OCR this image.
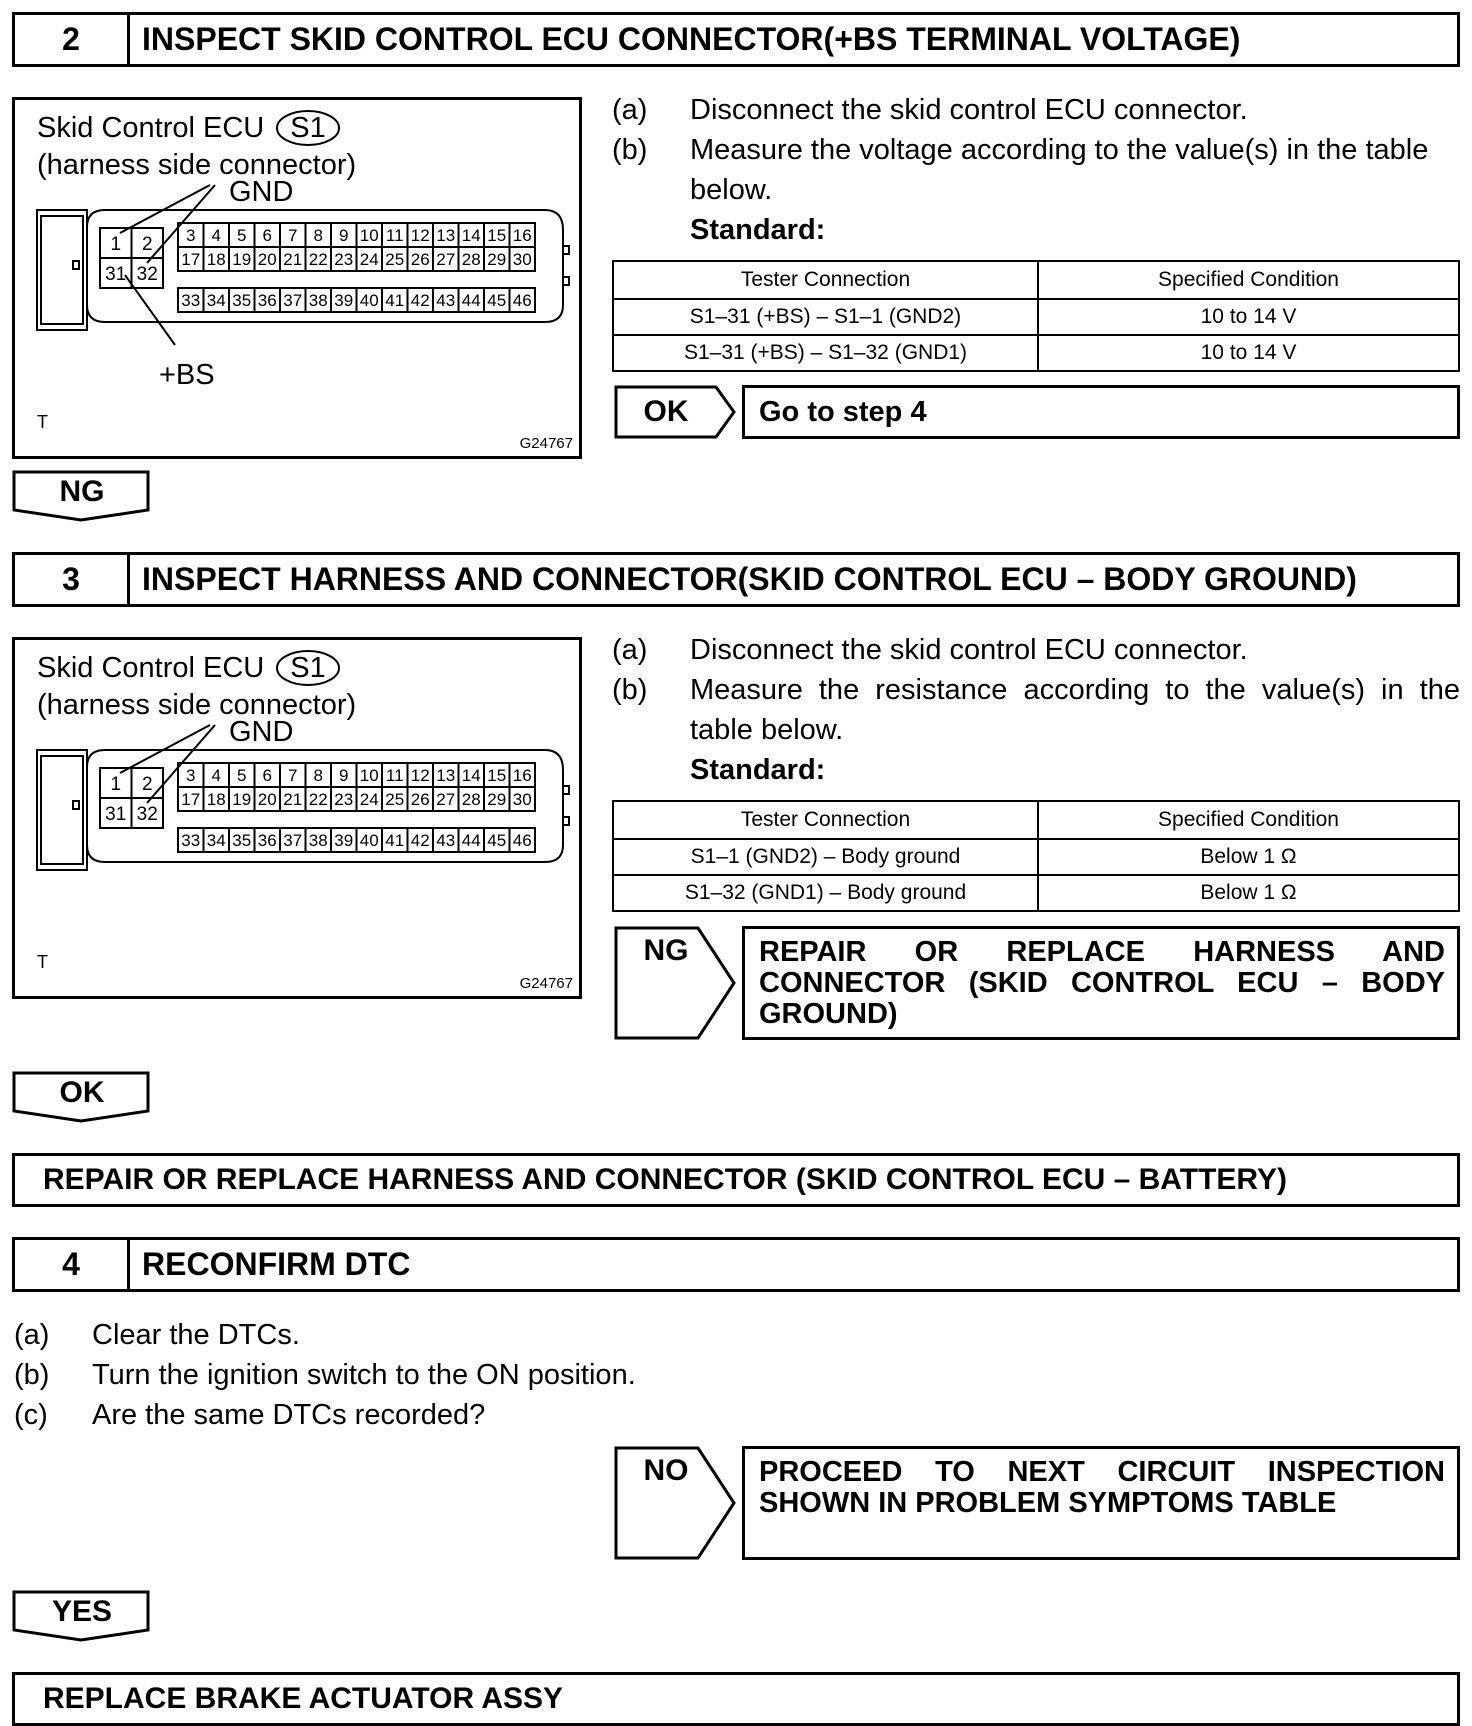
2	INSPECT SKID CONTROL ECU CONNECTOR(+BS TERMINAL VOLTAGE)
Skid Control ECU S1
(harness side connector)
GND
+BS
T
G24767
1 2
31 32
3 4 5 6 7 8 9 10 11 12 13 14 15 16
17 18 19 20 21 22 23 24 25 26 27 28 29 30
33 34 35 36 37 38 39 40 41 42 43 44 45 46
(a)	Disconnect the skid control ECU connector.
(b)	Measure the voltage according to the value(s) in the table
below.
Standard:
Tester Connection	Specified Condition
S1–31 (+BS) – S1–1 (GND2)	10 to 14 V
S1–31 (+BS) – S1–32 (GND1)	10 to 14 V
OK	Go to step 4
NG
3	INSPECT HARNESS AND CONNECTOR(SKID CONTROL ECU – BODY GROUND)
Skid Control ECU S1
(harness side connector)
GND
T
G24767
1 2
31 32
3 4 5 6 7 8 9 10 11 12 13 14 15 16
17 18 19 20 21 22 23 24 25 26 27 28 29 30
33 34 35 36 37 38 39 40 41 42 43 44 45 46
(a)	Disconnect the skid control ECU connector.
(b)	Measure the resistance according to the value(s) in the
table below.
Standard:
Tester Connection	Specified Condition
S1–1 (GND2) – Body ground	Below 1 Ω
S1–32 (GND1) – Body ground	Below 1 Ω
NG	REPAIR OR REPLACE HARNESS AND
CONNECTOR (SKID CONTROL ECU – BODY
GROUND)
OK
REPAIR OR REPLACE HARNESS AND CONNECTOR (SKID CONTROL ECU – BATTERY)
4	RECONFIRM DTC
(a)	Clear the DTCs.
(b)	Turn the ignition switch to the ON position.
(c)	Are the same DTCs recorded?
NO	PROCEED TO NEXT CIRCUIT INSPECTION
SHOWN IN PROBLEM SYMPTOMS TABLE
YES
REPLACE BRAKE ACTUATOR ASSY
